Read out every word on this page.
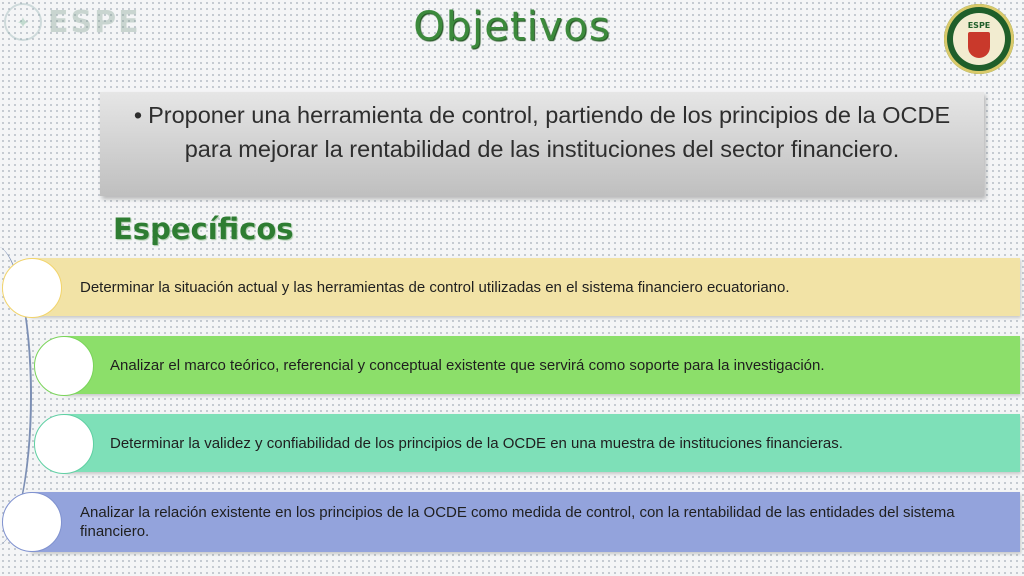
✦ ESPE	Objetivos	ESPE
• Proponer una herramienta de control, partiendo de los principios de la OCDE para mejorar la rentabilidad de las instituciones del sector financiero.
Específicos
Determinar la situación actual y las herramientas de control utilizadas en el sistema financiero ecuatoriano.
Analizar el marco teórico, referencial y conceptual existente que servirá como soporte para la investigación.
Determinar la validez y confiabilidad de los principios de la OCDE en una muestra de instituciones financieras.
Analizar la relación existente en los principios de la OCDE como medida de control, con la rentabilidad de las entidades del sistema financiero.
